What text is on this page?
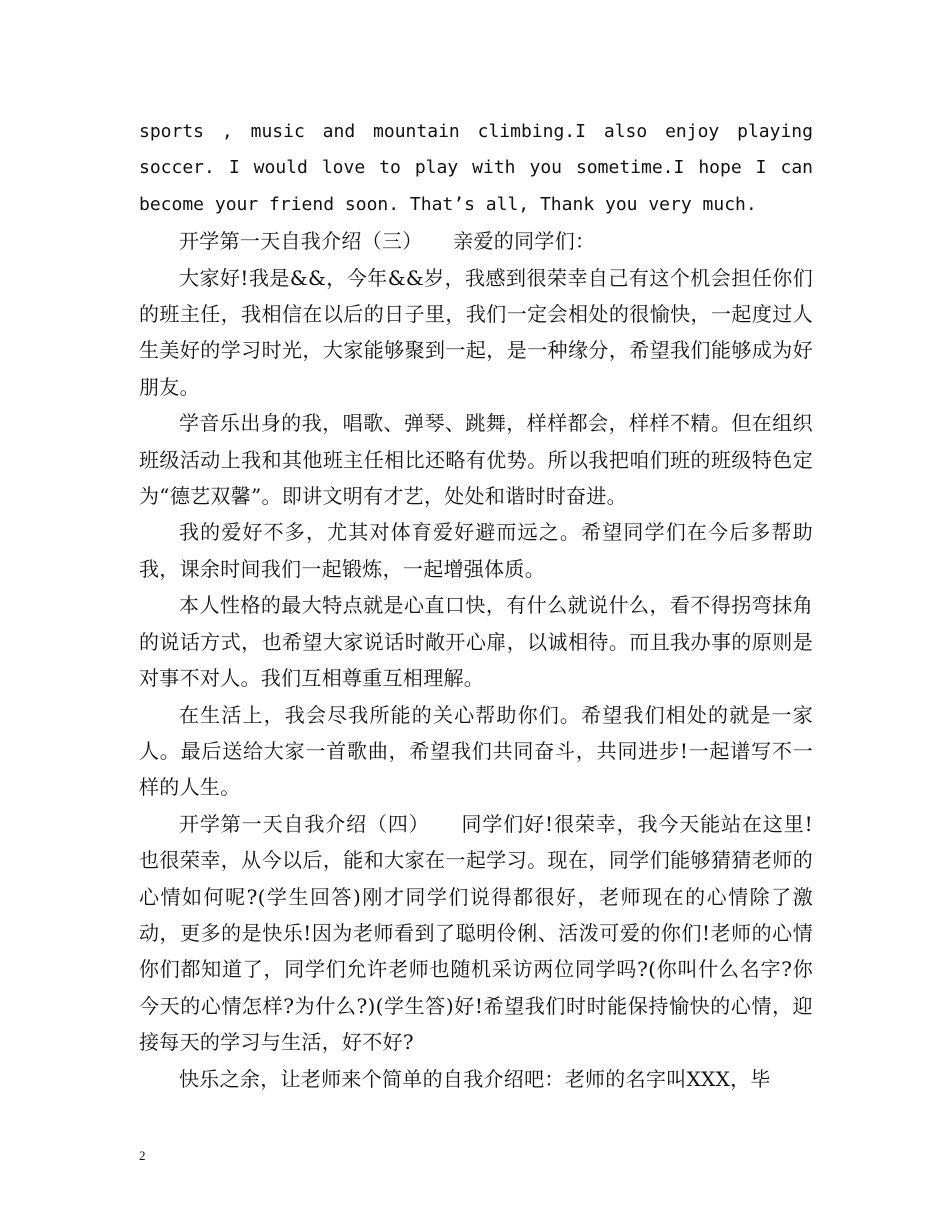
sports , music and mountain climbing.I also enjoy playing
soccer. I would love to play with you sometime.I hope I can
become your friend soon. That’s all, Thank you very much.

开学第一天自我介绍（三）　　亲爱的同学们：

大家好!我是&&，今年&&岁，我感到很荣幸自己有这个机会担任你们的班主任，我相信在以后的日子里，我们一定会相处的很愉快，一起度过人生美好的学习时光，大家能够聚到一起，是一种缘分，希望我们能够成为好朋友。

学音乐出身的我，唱歌、弹琴、跳舞，样样都会，样样不精。但在组织班级活动上我和其他班主任相比还略有优势。所以我把咱们班的班级特色定为“德艺双馨”。即讲文明有才艺，处处和谐时时奋进。

我的爱好不多，尤其对体育爱好避而远之。希望同学们在今后多帮助我，课余时间我们一起锻炼，一起增强体质。

本人性格的最大特点就是心直口快，有什么就说什么，看不得拐弯抹角的说话方式，也希望大家说话时敞开心扉，以诚相待。而且我办事的原则是对事不对人。我们互相尊重互相理解。

在生活上，我会尽我所能的关心帮助你们。希望我们相处的就是一家人。最后送给大家一首歌曲，希望我们共同奋斗，共同进步!一起谱写不一样的人生。

开学第一天自我介绍（四）　　同学们好!很荣幸，我今天能站在这里!也很荣幸，从今以后，能和大家在一起学习。现在，同学们能够猜猜老师的心情如何呢?(学生回答)刚才同学们说得都很好，老师现在的心情除了激动，更多的是快乐!因为老师看到了聪明伶俐、活泼可爱的你们!老师的心情你们都知道了，同学们允许老师也随机采访两位同学吗?(你叫什么名字?你今天的心情怎样?为什么?)(学生答)好!希望我们时时能保持愉快的心情，迎接每天的学习与生活，好不好?

快乐之余，让老师来个简单的自我介绍吧：老师的名字叫XXX，毕

2
